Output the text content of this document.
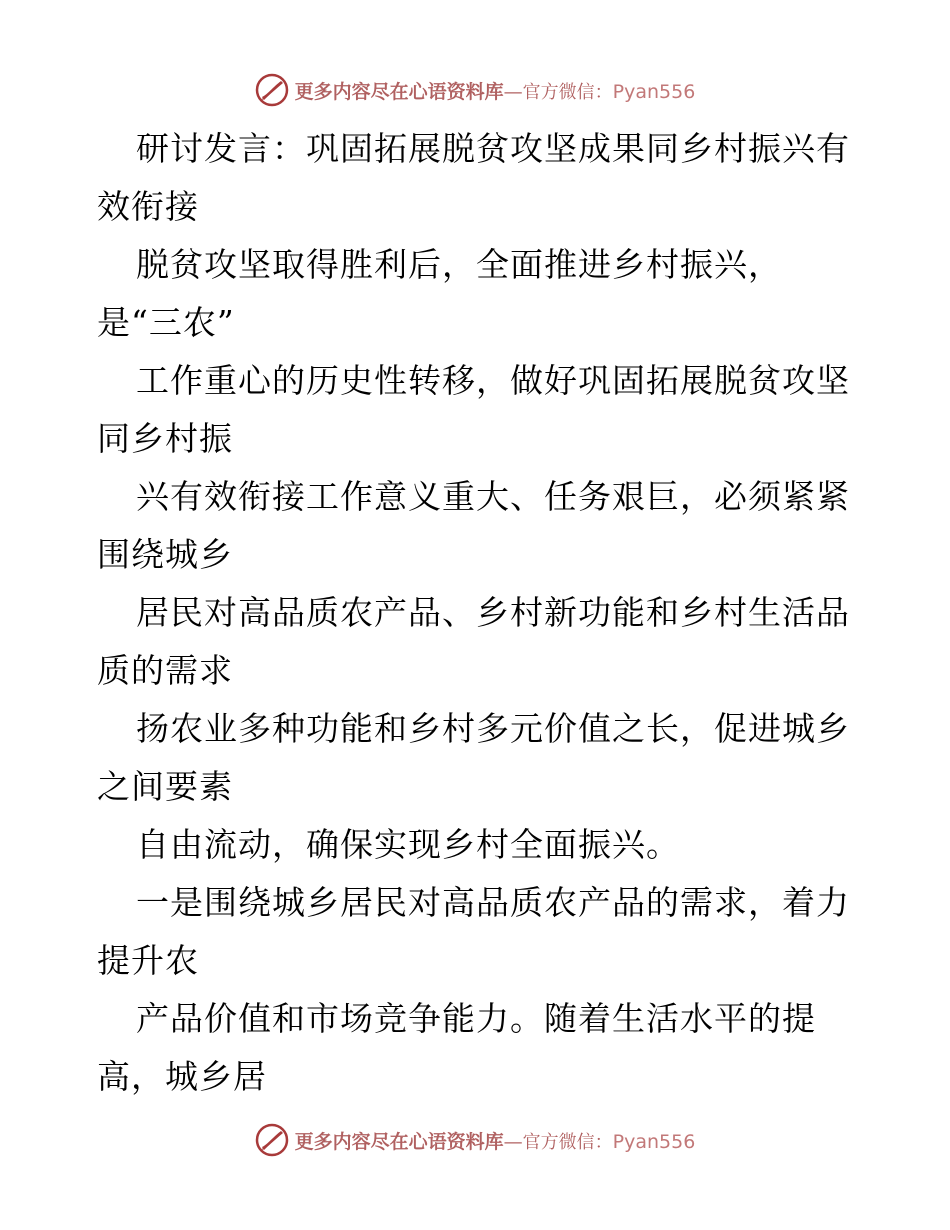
更多内容尽在心语资料库 — 官方微信： Pyan556
研讨发言：巩固拓展脱贫攻坚成果同乡村振兴有
效衔接
脱贫攻坚取得胜利后，全面推进乡村振兴，
是“三农”
工作重心的历史性转移，做好巩固拓展脱贫攻坚
同乡村振
兴有效衔接工作意义重大、任务艰巨，必须紧紧
围绕城乡
居民对高品质农产品、乡村新功能和乡村生活品
质的需求
扬农业多种功能和乡村多元价值之长，促进城乡
之间要素
自由流动，确保实现乡村全面振兴。
一是围绕城乡居民对高品质农产品的需求，着力
提升农
产品价值和市场竞争能力。随着生活水平的提
高，城乡居
更多内容尽在心语资料库 — 官方微信： Pyan556
